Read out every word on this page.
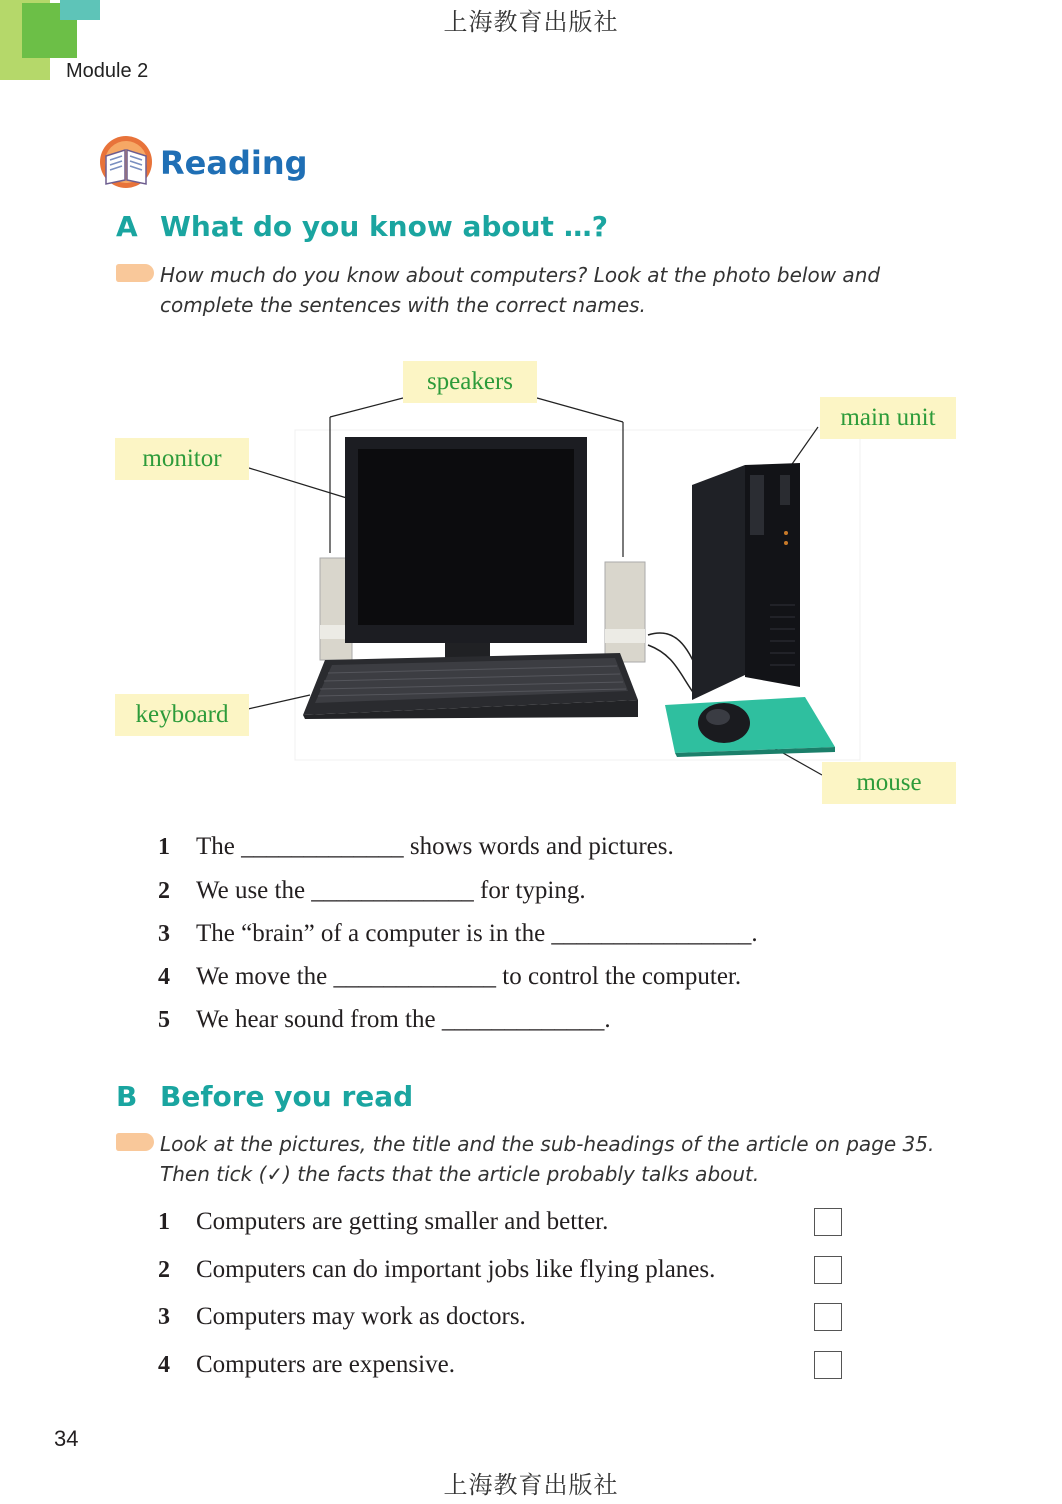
上海教育出版社
Module 2
Reading
A What do you know about …?
How much do you know about computers? Look at the photo below and complete the sentences with the correct names.
speakers
main unit
monitor
keyboard
mouse
1 The _____________ shows words and pictures.
2 We use the _____________ for typing.
3 The “brain” of a computer is in the ________________.
4 We move the _____________ to control the computer.
5 We hear sound from the _____________.
B Before you read
Look at the pictures, the title and the sub-headings of the article on page 35. Then tick (✓) the facts that the article probably talks about.
1 Computers are getting smaller and better.
2 Computers can do important jobs like flying planes.
3 Computers may work as doctors.
4 Computers are expensive.
34
上海教育出版社
